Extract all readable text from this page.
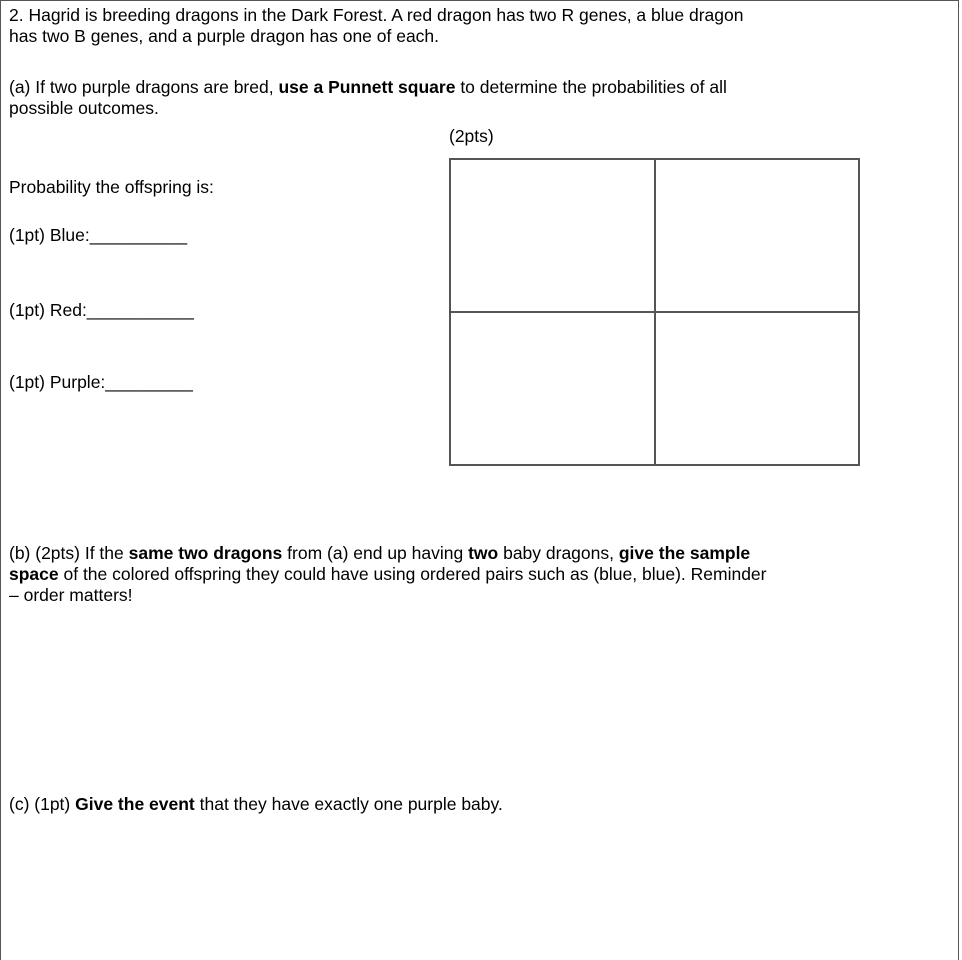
2. Hagrid is breeding dragons in the Dark Forest. A red dragon has two R genes, a blue dragon

has two B genes, and a purple dragon has one of each.

(a) If two purple dragons are bred, use a Punnett square to determine the probabilities of all

possible outcomes.

(2pts)

Probability the offspring is:

(1pt) Blue:__________

(1pt) Red:___________

(1pt) Purple:_________

(b) (2pts) If the same two dragons from (a) end up having two baby dragons, give the sample

space of the colored offspring they could have using ordered pairs such as (blue, blue). Reminder

– order matters!

(c) (1pt) Give the event that they have exactly one purple baby.
